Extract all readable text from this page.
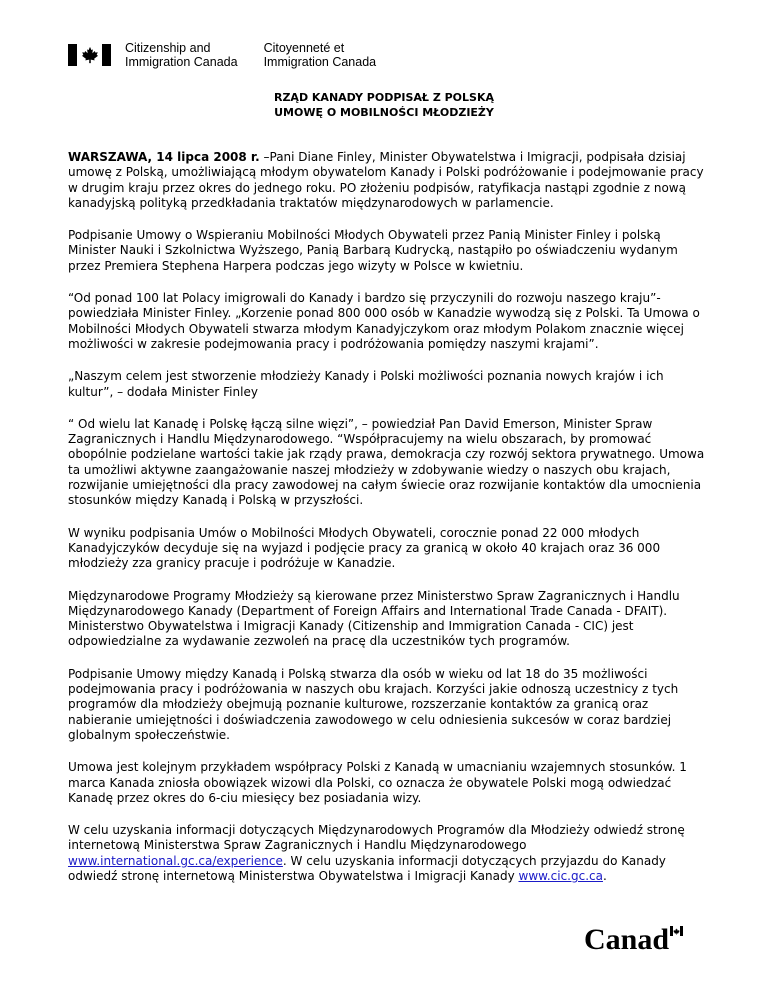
Citizenship and
Immigration Canada
Citoyenneté et
Immigration Canada
RZĄD KANADY PODPISAŁ Z POLSKĄ
UMOWĘ O MOBILNOŚCI MŁODZIEŻY

WARSZAWA, 14 lipca 2008 r. –Pani Diane Finley, Minister Obywatelstwa i Imigracji, podpisała dzisiaj umowę z Polską, umożliwiającą młodym obywatelom Kanady i Polski podróżowanie i podejmowanie pracy w drugim kraju przez okres do jednego roku. PO złożeniu podpisów, ratyfikacja nastąpi zgodnie z nową kanadyjską polityką przedkładania traktatów międzynarodowych w parlamencie.

Podpisanie Umowy o Wspieraniu Mobilności Młodych Obywateli przez Panią Minister Finley i polską Minister Nauki i Szkolnictwa Wyższego, Panią Barbarą Kudrycką, nastąpiło po oświadczeniu wydanym przez Premiera Stephena Harpera podczas jego wizyty w Polsce w kwietniu.

“Od ponad 100 lat Polacy imigrowali do Kanady i bardzo się przyczynili do rozwoju naszego kraju”- powiedziała Minister Finley. „Korzenie ponad 800 000 osób w Kanadzie wywodzą się z Polski. Ta Umowa o Mobilności Młodych Obywateli stwarza młodym Kanadyjczykom oraz młodym Polakom znacznie więcej możliwości w zakresie podejmowania pracy i podróżowania pomiędzy naszymi krajami”.

„Naszym celem jest stworzenie młodzieży Kanady i Polski możliwości poznania nowych krajów i ich kultur”, – dodała Minister Finley

“ Od wielu lat Kanadę i Polskę łączą silne więzi”, – powiedział Pan David Emerson, Minister Spraw Zagranicznych i Handlu Międzynarodowego. “Współpracujemy na wielu obszarach, by promować obopólnie podzielane wartości takie jak rządy prawa, demokracja czy rozwój sektora prywatnego. Umowa ta umożliwi aktywne zaangażowanie naszej młodzieży w zdobywanie wiedzy o naszych obu krajach, rozwijanie umiejętności dla pracy zawodowej na całym świecie oraz rozwijanie kontaktów dla umocnienia stosunków między Kanadą i Polską w przyszłości.

W wyniku podpisania Umów o Mobilności Młodych Obywateli, corocznie ponad 22 000 młodych Kanadyjczyków decyduje się na wyjazd i podjęcie pracy za granicą w około 40 krajach oraz 36 000 młodzieży zza granicy pracuje i podróżuje w Kanadzie.

Międzynarodowe Programy Młodzieży są kierowane przez Ministerstwo Spraw Zagranicznych i Handlu Międzynarodowego Kanady (Department of Foreign Affairs and International Trade Canada - DFAIT). Ministerstwo Obywatelstwa i Imigracji Kanady (Citizenship and Immigration Canada - CIC) jest odpowiedzialne za wydawanie zezwoleń na pracę dla uczestników tych programów.

Podpisanie Umowy między Kanadą i Polską stwarza dla osób w wieku od lat 18 do 35 możliwości podejmowania pracy i podróżowania w naszych obu krajach. Korzyści jakie odnoszą uczestnicy z tych programów dla młodzieży obejmują poznanie kulturowe, rozszerzanie kontaktów za granicą oraz nabieranie umiejętności i doświadczenia zawodowego w celu odniesienia sukcesów w coraz bardziej globalnym społeczeństwie.

Umowa jest kolejnym przykładem współpracy Polski z Kanadą w umacnianiu wzajemnych stosunków. 1 marca Kanada zniosła obowiązek wizowi dla Polski, co oznacza że obywatele Polski mogą odwiedzać Kanadę przez okres do 6-ciu miesięcy bez posiadania wizy.

W celu uzyskania informacji dotyczących Międzynarodowych Programów dla Młodzieży odwiedź stronę internetową Ministerstwa Spraw Zagranicznych i Handlu Międzynarodowego www.international.gc.ca/experience. W celu uzyskania informacji dotyczących przyjazdu do Kanady odwiedź stronę internetową Ministerstwa Obywatelstwa i Imigracji Kanady www.cic.gc.ca.

Canad
